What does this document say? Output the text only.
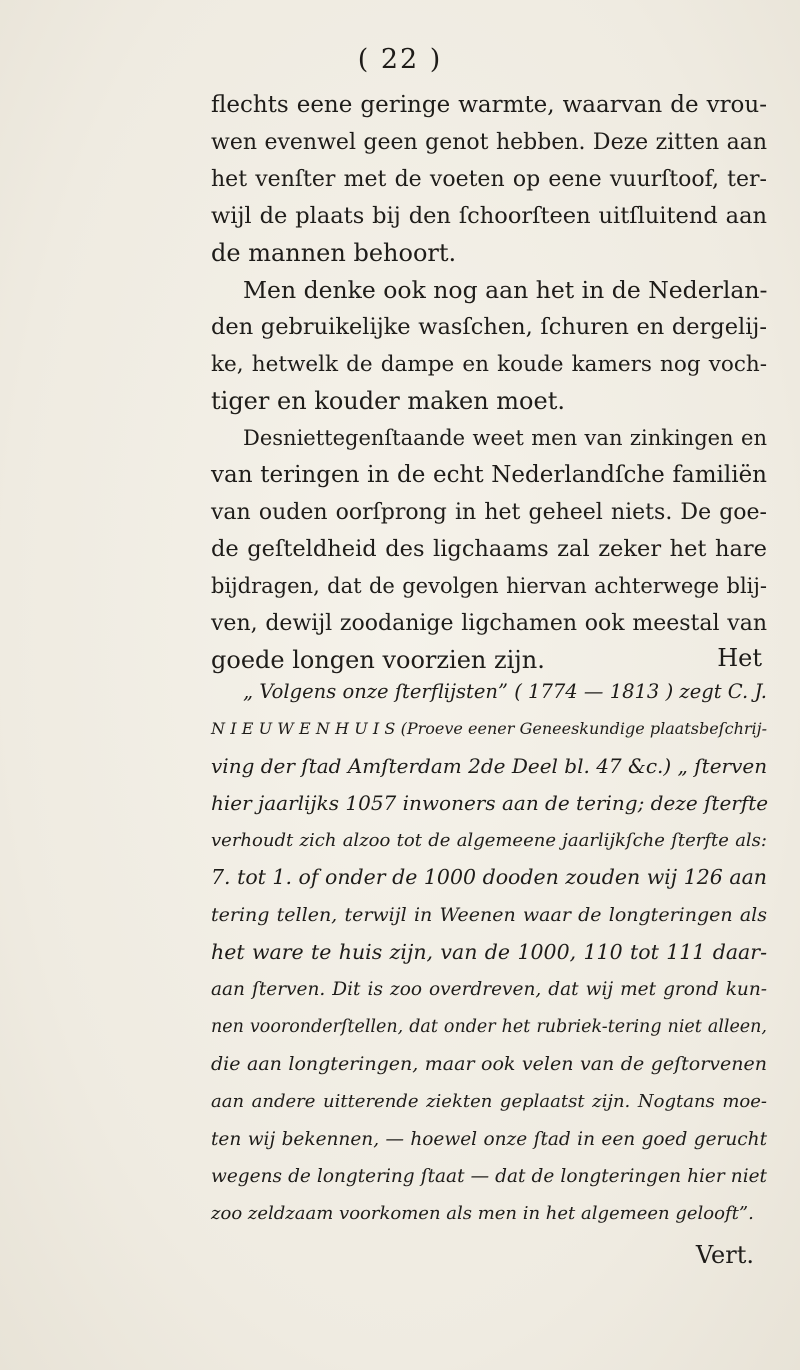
( 22 )
flechts eene geringe warmte, waarvan de vrou-
wen evenwel geen genot hebben. Deze zitten aan
het venſter met de voeten op eene vuurſtoof, ter-
wijl de plaats bij den ſchoorſteen uitſluitend aan
de mannen behoort.
Men denke ook nog aan het in de Nederlan-
den gebruikelijke wasſchen, ſchuren en dergelij-
ke, hetwelk de dampe en koude kamers nog voch-
tiger en kouder maken moet.
Desniettegenſtaande weet men van zinkingen en
van teringen in de echt Nederlandſche familiën
van ouden oorſprong in het geheel niets. De goe-
de geſteldheid des ligchaams zal zeker het hare
bijdragen, dat de gevolgen hiervan achterwege blij-
ven, dewijl zoodanige ligchamen ook meestal van
goede longen voorzien zijn.	Het
„ Volgens onze ſterflijsten” ( 1774 — 1813 ) zegt C. J.
N I E U W E N H U I S (Proeve eener Geneeskundige plaatsbeſchrij-
ving der ſtad Amſterdam 2de Deel bl. 47 &c.) „ ſterven
hier jaarlijks 1057 inwoners aan de tering; deze ſterfte
verhoudt zich alzoo tot de algemeene jaarlijkſche ſterfte als:
7. tot 1. of onder de 1000 dooden zouden wij 126 aan
tering tellen, terwijl in Weenen waar de longteringen als
het ware te huis zijn, van de 1000, 110 tot 111 daar-
aan ſterven. Dit is zoo overdreven, dat wij met grond kun-
nen vooronderſtellen, dat onder het rubriek-tering niet alleen,
die aan longteringen, maar ook velen van de geſtorvenen
aan andere uitterende ziekten geplaatst zijn. Nogtans moe-
ten wij bekennen, — hoewel onze ſtad in een goed gerucht
wegens de longtering ſtaat — dat de longteringen hier niet
zoo zeldzaam voorkomen als men in het algemeen gelooft”.
Vert.
